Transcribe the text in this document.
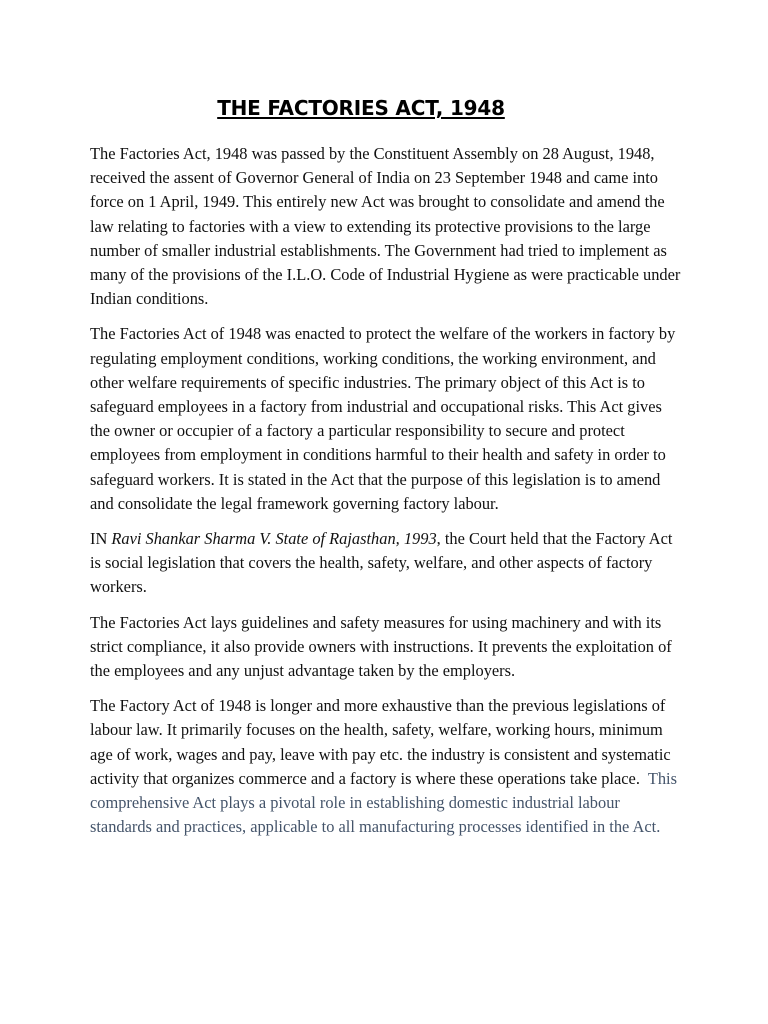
THE FACTORIES ACT, 1948

The Factories Act, 1948 was passed by the Constituent Assembly on 28 August, 1948, received the assent of Governor General of India on 23 September 1948 and came into force on 1 April, 1949. This entirely new Act was brought to consolidate and amend the law relating to factories with a view to extending its protective provisions to the large number of smaller industrial establishments. The Government had tried to implement as many of the provisions of the I.L.O. Code of Industrial Hygiene as were practicable under Indian conditions.

The Factories Act of 1948 was enacted to protect the welfare of the workers in factory by regulating employment conditions, working conditions, the working environment, and other welfare requirements of specific industries. The primary object of this Act is to safeguard employees in a factory from industrial and occupational risks. This Act gives the owner or occupier of a factory a particular responsibility to secure and protect employees from employment in conditions harmful to their health and safety in order to safeguard workers. It is stated in the Act that the purpose of this legislation is to amend and consolidate the legal framework governing factory labour.

IN Ravi Shankar Sharma V. State of Rajasthan, 1993, the Court held that the Factory Act is social legislation that covers the health, safety, welfare, and other aspects of factory workers.

The Factories Act lays guidelines and safety measures for using machinery and with its strict compliance, it also provide owners with instructions. It prevents the exploitation of the employees and any unjust advantage taken by the employers.

The Factory Act of 1948 is longer and more exhaustive than the previous legislations of labour law. It primarily focuses on the health, safety, welfare, working hours, minimum age of work, wages and pay, leave with pay etc. the industry is consistent and systematic activity that organizes commerce and a factory is where these operations take place.  This comprehensive Act plays a pivotal role in establishing domestic industrial labour standards and practices, applicable to all manufacturing processes identified in the Act.
